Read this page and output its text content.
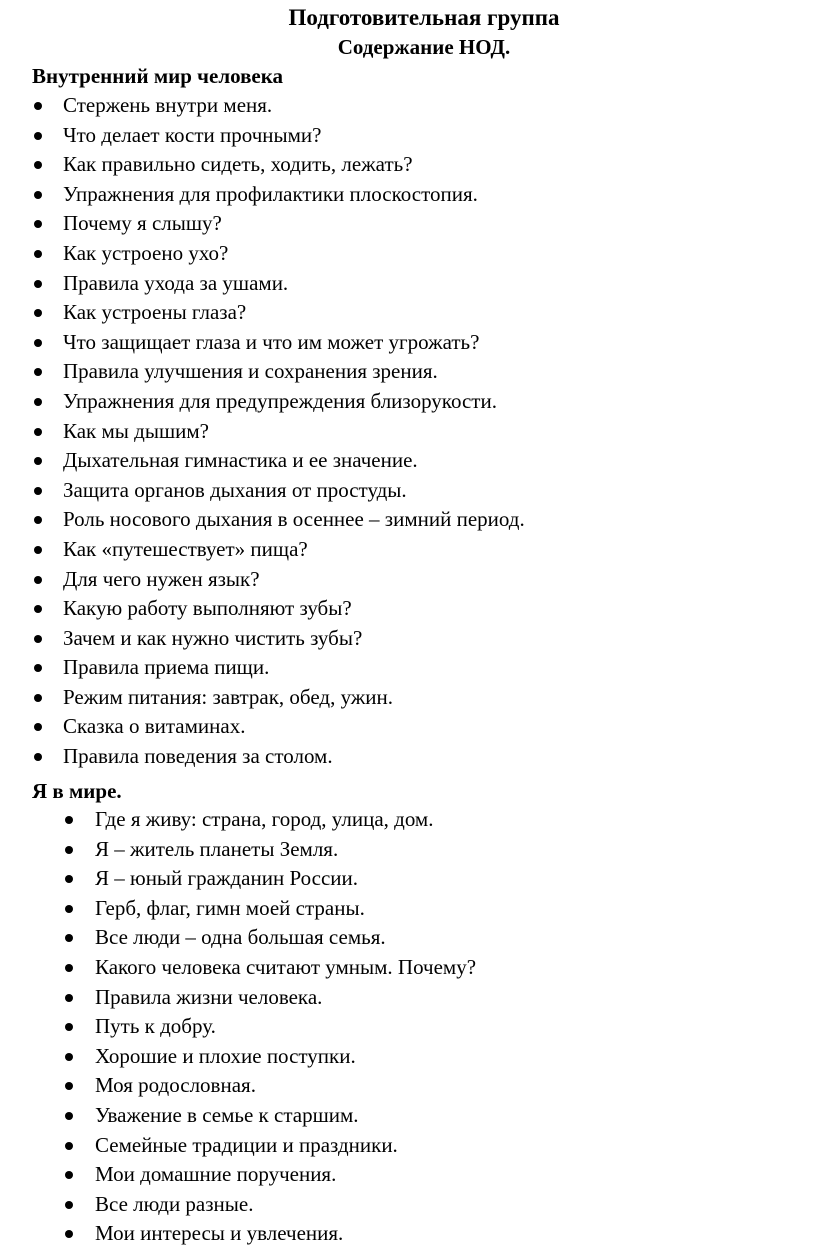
Подготовительная группа
Содержание НОД.
Внутренний мир человека
Стержень внутри меня.
Что делает кости прочными?
Как правильно сидеть, ходить, лежать?
Упражнения для профилактики плоскостопия.
Почему я слышу?
Как устроено ухо?
Правила ухода за ушами.
Как устроены глаза?
Что защищает глаза и что им может угрожать?
Правила улучшения и сохранения зрения.
Упражнения для предупреждения близорукости.
Как мы дышим?
Дыхательная гимнастика и ее значение.
Защита органов дыхания от простуды.
Роль носового дыхания в осеннее – зимний период.
Как «путешествует» пища?
Для чего нужен язык?
Какую работу выполняют зубы?
Зачем и как нужно чистить зубы?
Правила приема пищи.
Режим питания: завтрак, обед, ужин.
Сказка о витаминах.
Правила поведения за столом.
Я в мире.
Где я живу: страна, город, улица, дом.
Я – житель планеты Земля.
Я – юный гражданин России.
Герб, флаг, гимн моей страны.
Все люди – одна большая семья.
Какого человека считают умным. Почему?
Правила жизни человека.
Путь к добру.
Хорошие и плохие поступки.
Моя родословная.
Уважение в семье к старшим.
Семейные традиции и праздники.
Мои домашние поручения.
Все люди разные.
Мои интересы и увлечения.
